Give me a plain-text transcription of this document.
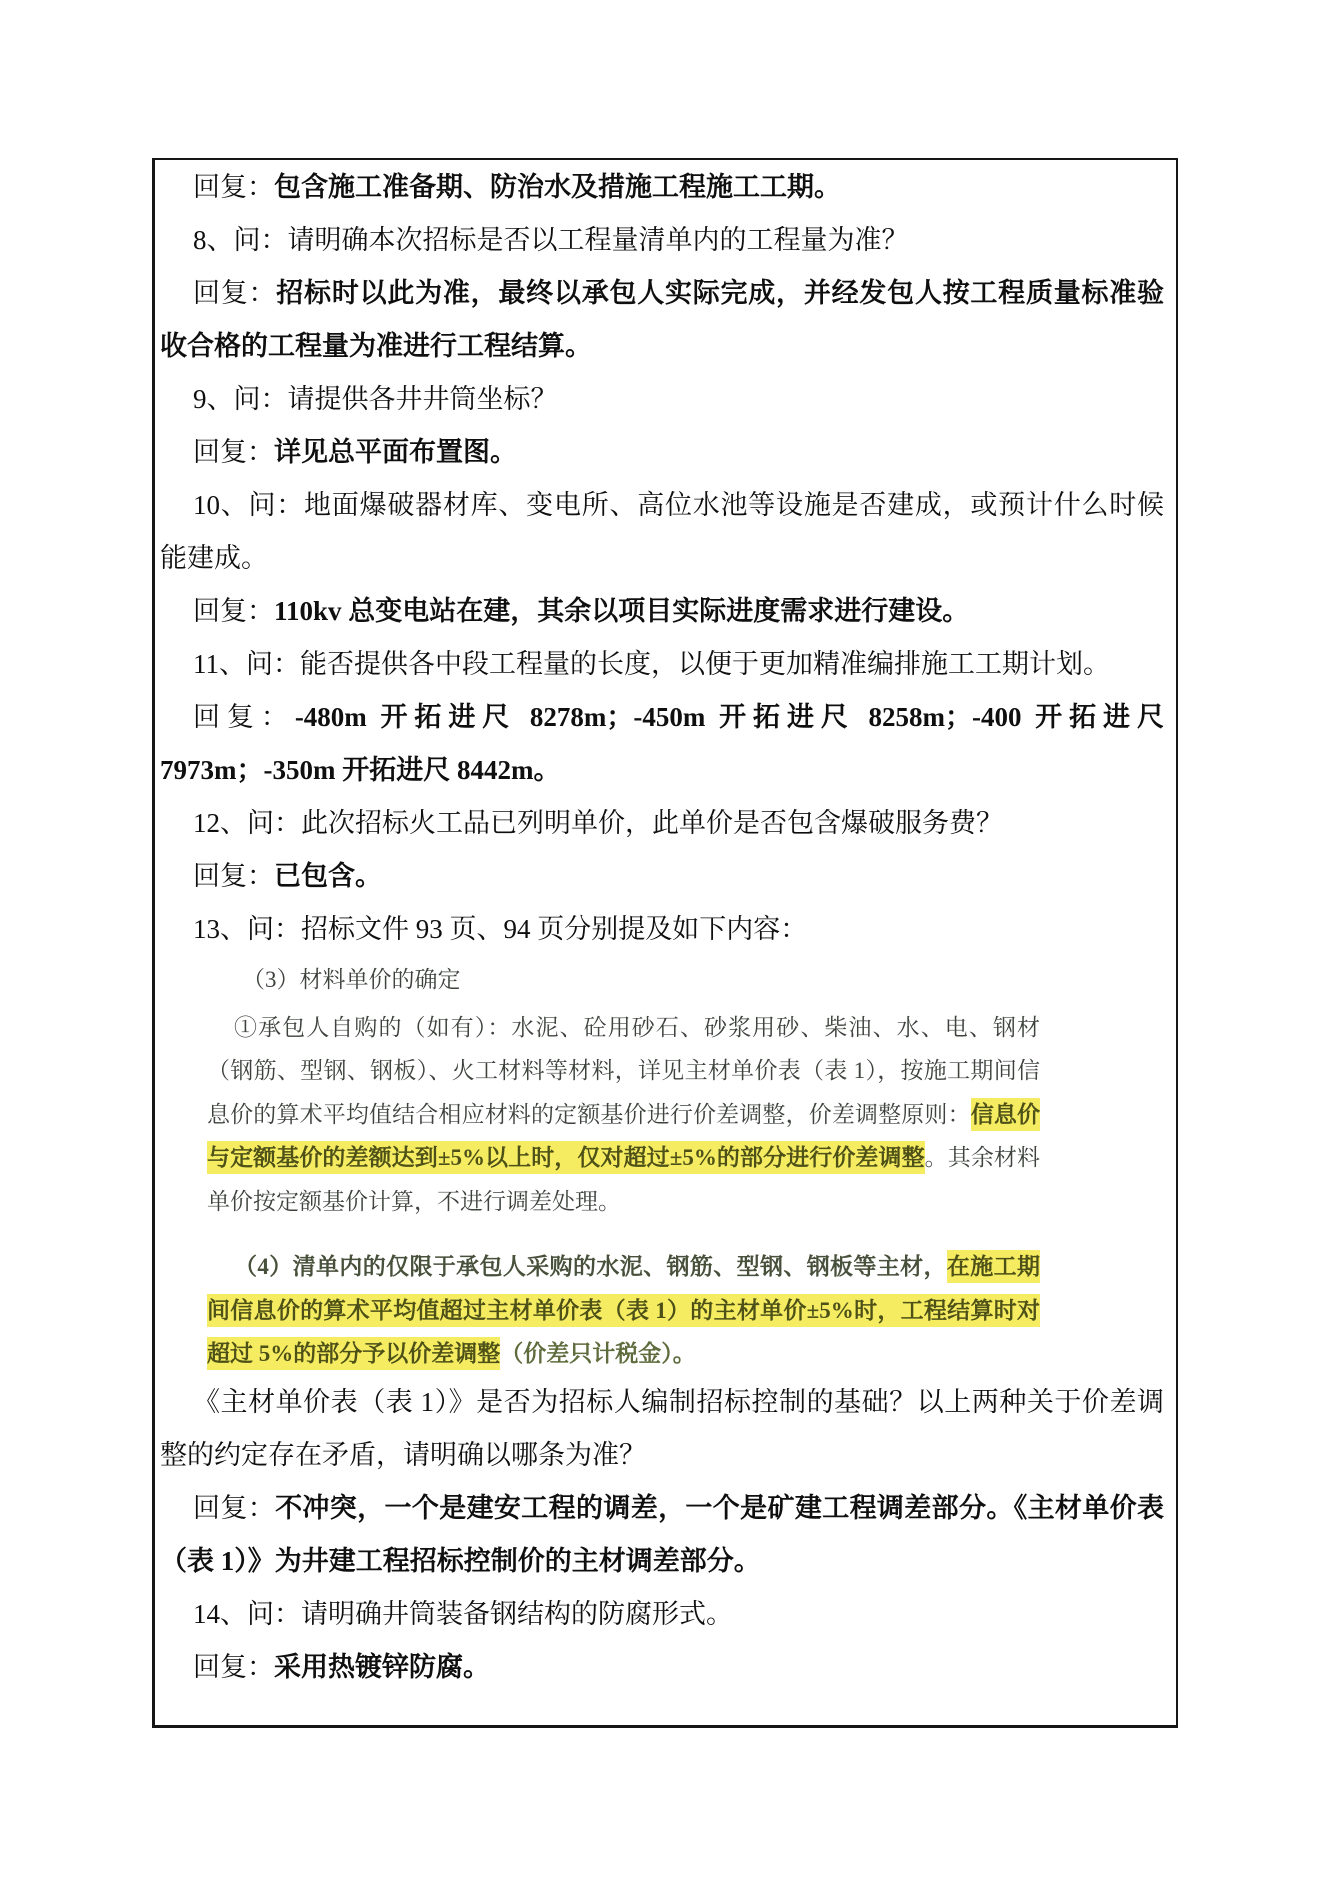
回复：包含施工准备期、防治水及措施工程施工工期。

8、问：请明确本次招标是否以工程量清单内的工程量为准？

回复：招标时以此为准，最终以承包人实际完成，并经发包人按工程质量标准验收合格的工程量为准进行工程结算。

9、问：请提供各井井筒坐标？

回复：详见总平面布置图。

10、问：地面爆破器材库、变电所、高位水池等设施是否建成，或预计什么时候能建成。

回复：110kv 总变电站在建，其余以项目实际进度需求进行建设。

11、问：能否提供各中段工程量的长度，以便于更加精准编排施工工期计划。

回复：-480m 开拓进尺 8278m；-450m 开拓进尺 8258m；-400 开拓进尺 7973m；-350m 开拓进尺 8442m。

12、问：此次招标火工品已列明单价，此单价是否包含爆破服务费？

回复：已包含。

13、问：招标文件 93 页、94 页分别提及如下内容：

（3）材料单价的确定

①承包人自购的（如有）：水泥、砼用砂石、砂浆用砂、柴油、水、电、钢材（钢筋、型钢、钢板）、火工材料等材料，详见主材单价表（表 1），按施工期间信息价的算术平均值结合相应材料的定额基价进行价差调整，价差调整原则：信息价与定额基价的差额达到±5%以上时，仅对超过±5%的部分进行价差调整。其余材料单价按定额基价计算，不进行调差处理。

（4）清单内的仅限于承包人采购的水泥、钢筋、型钢、钢板等主材，在施工期间信息价的算术平均值超过主材单价表（表 1）的主材单价±5%时，工程结算时对超过 5%的部分予以价差调整（价差只计税金）。

《主材单价表（表 1）》是否为招标人编制招标控制的基础？以上两种关于价差调整的约定存在矛盾，请明确以哪条为准？

回复：不冲突，一个是建安工程的调差，一个是矿建工程调差部分。《主材单价表（表 1）》为井建工程招标控制价的主材调差部分。

14、问：请明确井筒装备钢结构的防腐形式。

回复：采用热镀锌防腐。
